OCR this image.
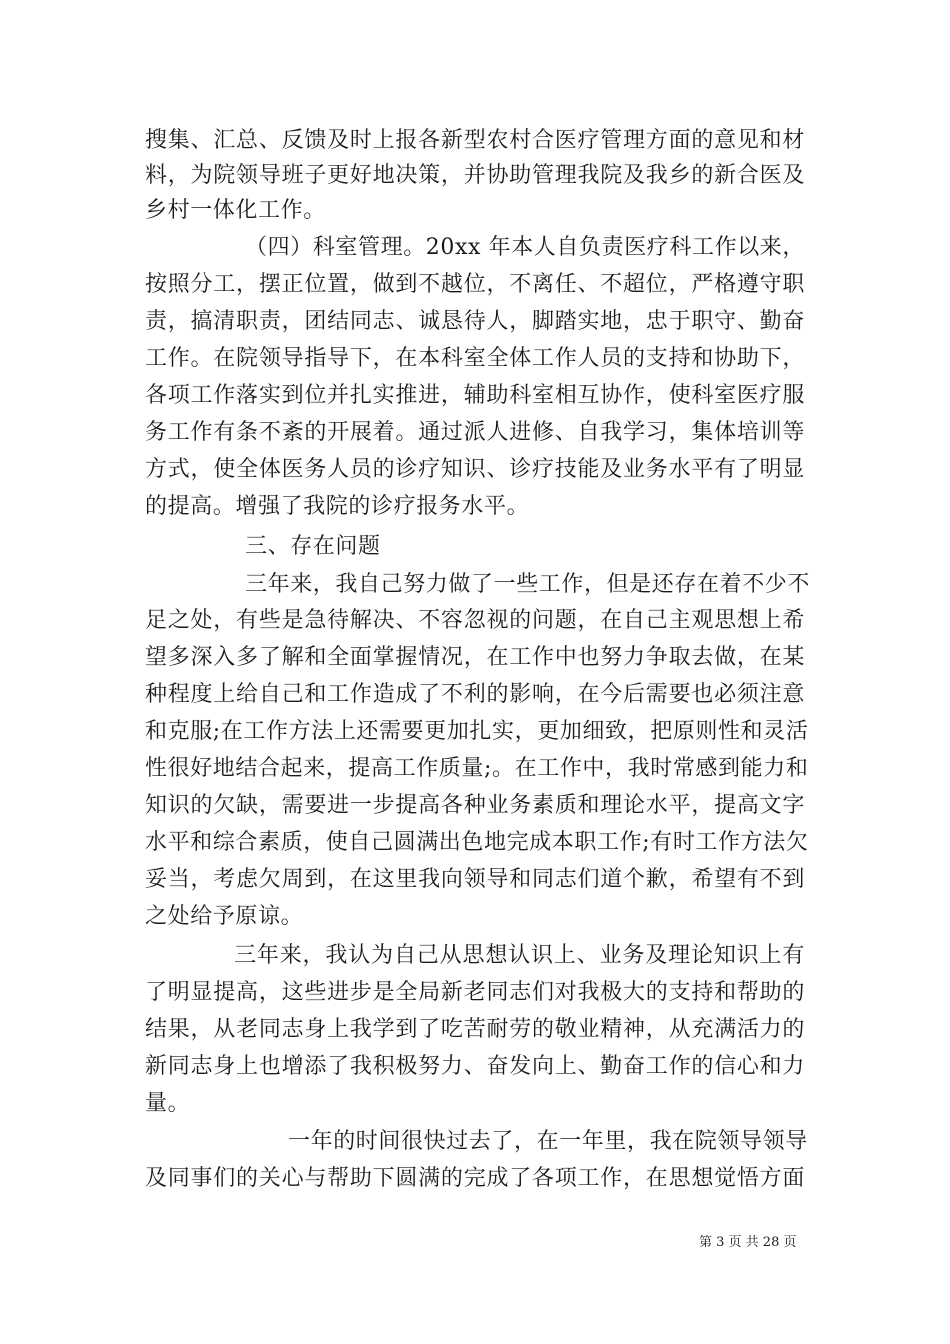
搜集、汇总、反馈及时上报各新型农村合医疗管理方面的意见和材
料，为院领导班子更好地决策，并协助管理我院及我乡的新合医及
乡村一体化工作。
（四）科室管理。20xx 年本人自负责医疗科工作以来，
按照分工，摆正位置，做到不越位，不离任、不超位，严格遵守职
责，搞清职责，团结同志、诚恳待人，脚踏实地，忠于职守、勤奋
工作。在院领导指导下，在本科室全体工作人员的支持和协助下，
各项工作落实到位并扎实推进，辅助科室相互协作，使科室医疗服
务工作有条不紊的开展着。通过派人进修、自我学习，集体培训等
方式，使全体医务人员的诊疗知识、诊疗技能及业务水平有了明显
的提高。增强了我院的诊疗报务水平。
三、存在问题
三年来，我自己努力做了一些工作，但是还存在着不少不
足之处，有些是急待解决、不容忽视的问题，在自己主观思想上希
望多深入多了解和全面掌握情况，在工作中也努力争取去做，在某
种程度上给自己和工作造成了不利的影响，在今后需要也必须注意
和克服;在工作方法上还需要更加扎实，更加细致，把原则性和灵活
性很好地结合起来，提高工作质量;。在工作中，我时常感到能力和
知识的欠缺，需要进一步提高各种业务素质和理论水平，提高文字
水平和综合素质，使自己圆满出色地完成本职工作;有时工作方法欠
妥当，考虑欠周到，在这里我向领导和同志们道个歉，希望有不到
之处给予原谅。
三年来，我认为自己从思想认识上、业务及理论知识上有
了明显提高，这些进步是全局新老同志们对我极大的支持和帮助的
结果，从老同志身上我学到了吃苦耐劳的敬业精神，从充满活力的
新同志身上也增添了我积极努力、奋发向上、勤奋工作的信心和力
量。
一年的时间很快过去了，在一年里，我在院领导领导
及同事们的关心与帮助下圆满的完成了各项工作，在思想觉悟方面
第 3 页 共 28 页
